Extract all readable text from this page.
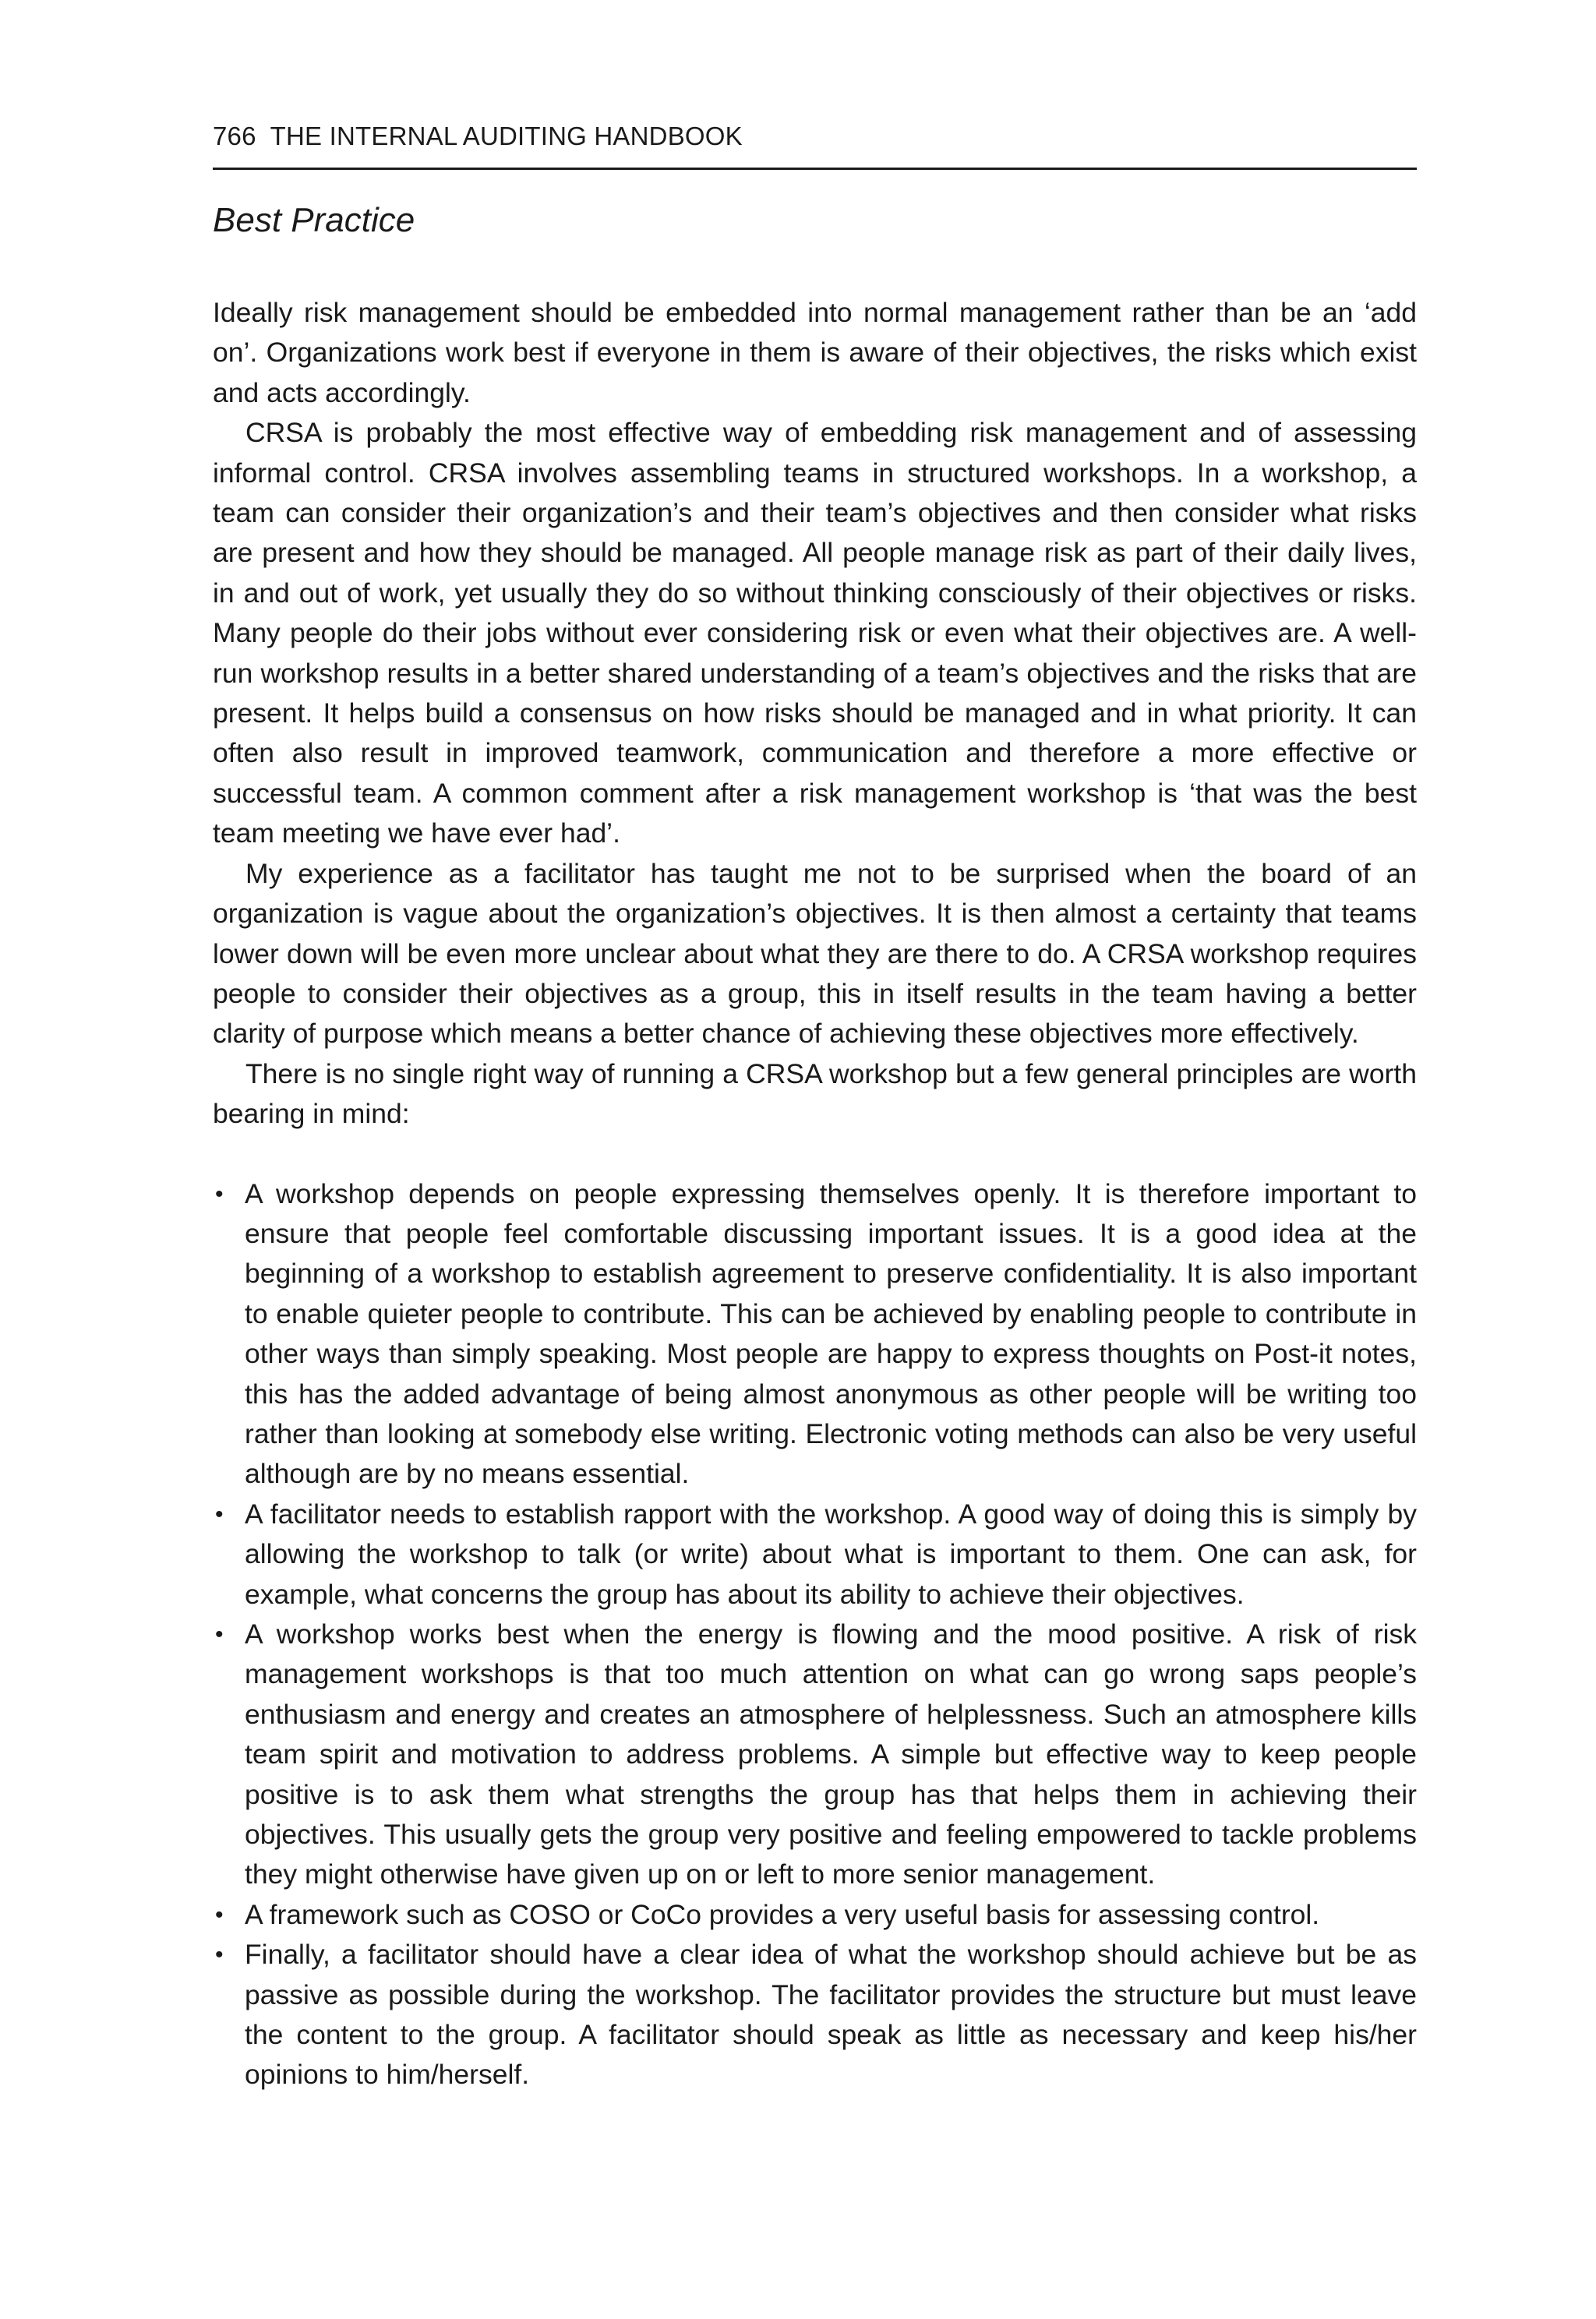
766 THE INTERNAL AUDITING HANDBOOK
Best Practice

Ideally risk management should be embedded into normal management rather than be an ‘add on’. Organizations work best if everyone in them is aware of their objectives, the risks which exist and acts accordingly.

CRSA is probably the most effective way of embedding risk management and of assessing informal control. CRSA involves assembling teams in structured workshops. In a workshop, a team can consider their organization’s and their team’s objectives and then consider what risks are present and how they should be managed. All people manage risk as part of their daily lives, in and out of work, yet usually they do so without thinking consciously of their objectives or risks. Many people do their jobs without ever considering risk or even what their objectives are. A well-run workshop results in a better shared understanding of a team’s objectives and the risks that are present. It helps build a consensus on how risks should be managed and in what priority. It can often also result in improved teamwork, communication and therefore a more effective or successful team. A common comment after a risk management workshop is ‘that was the best team meeting we have ever had’.

My experience as a facilitator has taught me not to be surprised when the board of an organization is vague about the organization’s objectives. It is then almost a certainty that teams lower down will be even more unclear about what they are there to do. A CRSA workshop requires people to consider their objectives as a group, this in itself results in the team having a better clarity of purpose which means a better chance of achieving these objectives more effectively.

There is no single right way of running a CRSA workshop but a few general principles are worth bearing in mind:

• A workshop depends on people expressing themselves openly. It is therefore important to ensure that people feel comfortable discussing important issues. It is a good idea at the beginning of a workshop to establish agreement to preserve confidentiality. It is also important to enable quieter people to contribute. This can be achieved by enabling people to contribute in other ways than simply speaking. Most people are happy to express thoughts on Post-it notes, this has the added advantage of being almost anonymous as other people will be writing too rather than looking at somebody else writing. Electronic voting methods can also be very useful although are by no means essential.
• A facilitator needs to establish rapport with the workshop. A good way of doing this is simply by allowing the workshop to talk (or write) about what is important to them. One can ask, for example, what concerns the group has about its ability to achieve their objectives.
• A workshop works best when the energy is flowing and the mood positive. A risk of risk management workshops is that too much attention on what can go wrong saps people’s enthusiasm and energy and creates an atmosphere of helplessness. Such an atmosphere kills team spirit and motivation to address problems. A simple but effective way to keep people positive is to ask them what strengths the group has that helps them in achieving their objectives. This usually gets the group very positive and feeling empowered to tackle problems they might otherwise have given up on or left to more senior management.
• A framework such as COSO or CoCo provides a very useful basis for assessing control.
• Finally, a facilitator should have a clear idea of what the workshop should achieve but be as passive as possible during the workshop. The facilitator provides the structure but must leave the content to the group. A facilitator should speak as little as necessary and keep his/her opinions to him/herself.
